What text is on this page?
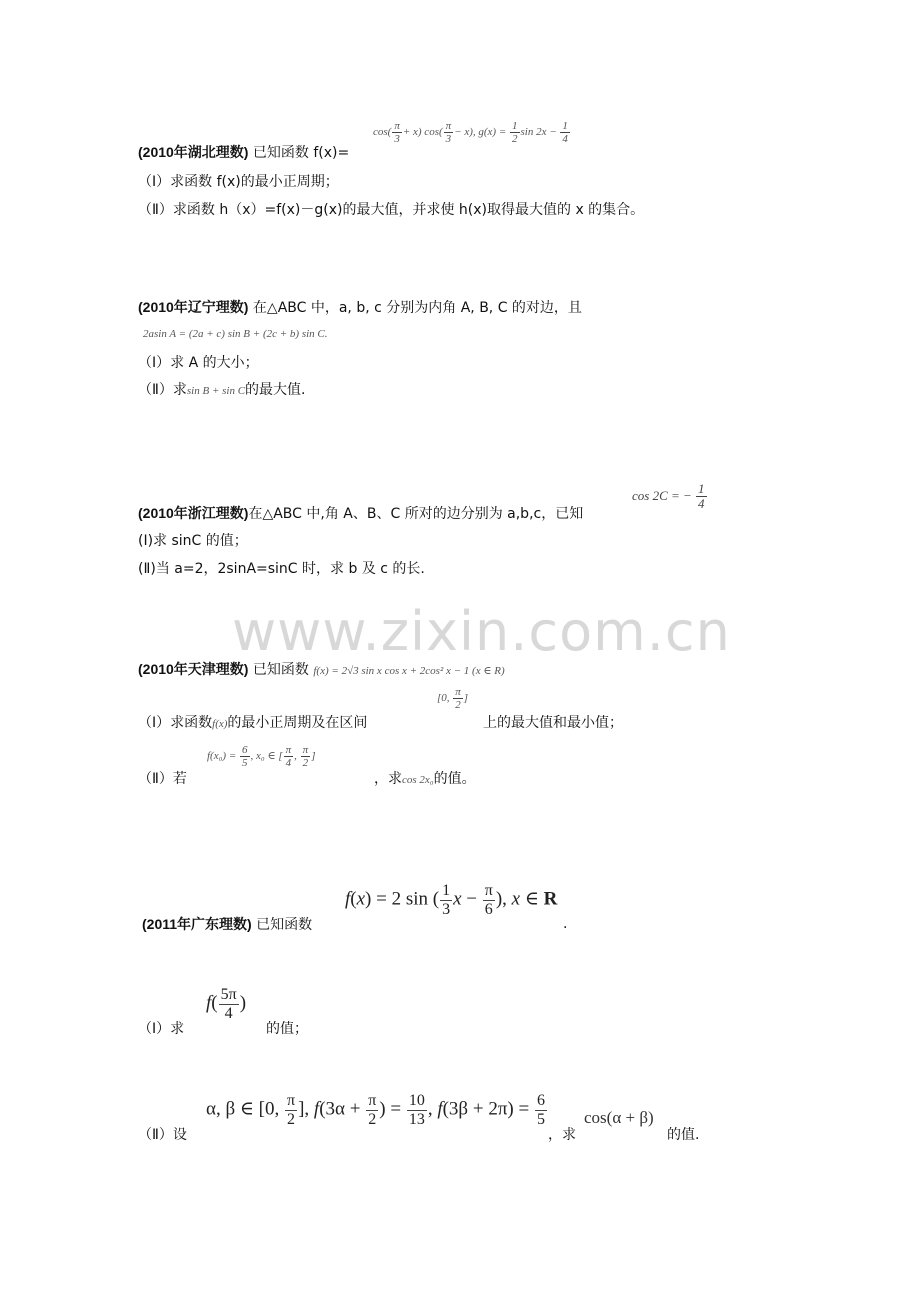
www.zixin.com.cn
(2010年湖北理数) 已知函数 f(x)=
$\cos( \frac{\pi}{3} + x)$ $\cos( \frac{\pi}{3} - x)$, $g(x) = \frac{1}{2}$ $\sin 2x - \frac{1}{4}$
（Ⅰ）求函数 f(x)的最小正周期；
（Ⅱ）求函数 h（x）=f(x)－g(x)的最大值，并求使 h(x)取得最大值的 x 的集合。
(2010年辽宁理数) 在△ABC 中，a, b, c 分别为内角 A, B, C 的对边，且
2asin A = (2a + c) sin B + (2c + b) sin C.
（Ⅰ）求 A 的大小；
（Ⅱ）求sin B + sin C的最大值.
cos 2C = − $\frac{1}{4}$
(2010年浙江理数)在△ABC 中,角 A、B、C 所对的边分别为 a,b,c，已知
(I)求 sinC 的值；
(Ⅱ)当 a=2，2sinA=sinC 时，求 b 及 c 的长.
(2010年天津理数) 已知函数 f(x) = 2√3 sin x cos x + 2cos² x − 1 (x ∈ R)
（Ⅰ）求函数f(x)的最小正周期及在区间
[0, $\frac{\pi}{2}$ ]
上的最大值和最小值；
（Ⅱ）若
$f(x_0) = \frac{6}{5}$ , x₀ ∈ [ $\frac{\pi}{4}$ , $\frac{\pi}{2}$ ]
，求cos 2x₀的值。
(2011年广东理数) 已知函数
f(x) = 2 sin ( $\frac{1}{3}$ $x - \frac{\pi}{6}$ ), x ∈ R
.
（Ⅰ）求
$f( \frac{5\pi}{4}$ )
的值；
（Ⅱ）设
α, β ∈ [0, $\frac{\pi}{2}$ ], $f(3\alpha + \frac{\pi}{2}$ ) = $\frac{10}{13}$ , $f(3\beta + 2\pi) = \frac{6}{5}$
，求
cos(α + β)
的值.
